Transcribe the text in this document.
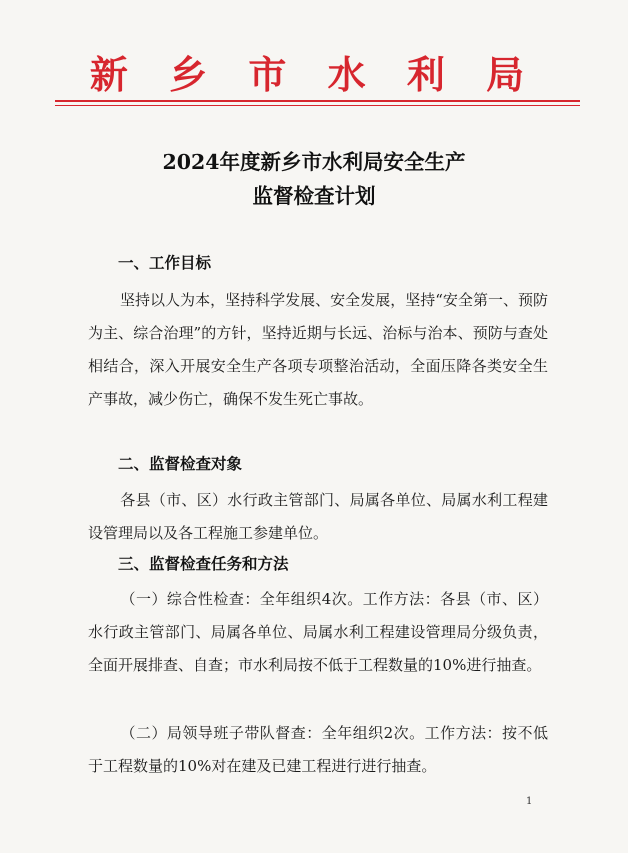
新 乡 市 水 利 局
2024年度新乡市水利局安全生产
监督检查计划
一、工作目标
坚持以人为本，坚持科学发展、安全发展，坚持“安全第一、预防为主、综合治理”的方针，坚持近期与长远、治标与治本、预防与查处相结合，深入开展安全生产各项专项整治活动，全面压降各类安全生产事故，减少伤亡，确保不发生死亡事故。
二、监督检查对象
各县（市、区）水行政主管部门、局属各单位、局属水利工程建设管理局以及各工程施工参建单位。
三、监督检查任务和方法
（一）综合性检查：全年组织4次。工作方法：各县（市、区）水行政主管部门、局属各单位、局属水利工程建设管理局分级负责，全面开展排查、自查；市水利局按不低于工程数量的10%进行抽查。
（二）局领导班子带队督查：全年组织2次。工作方法：按不低于工程数量的10%对在建及已建工程进行进行抽查。
1
